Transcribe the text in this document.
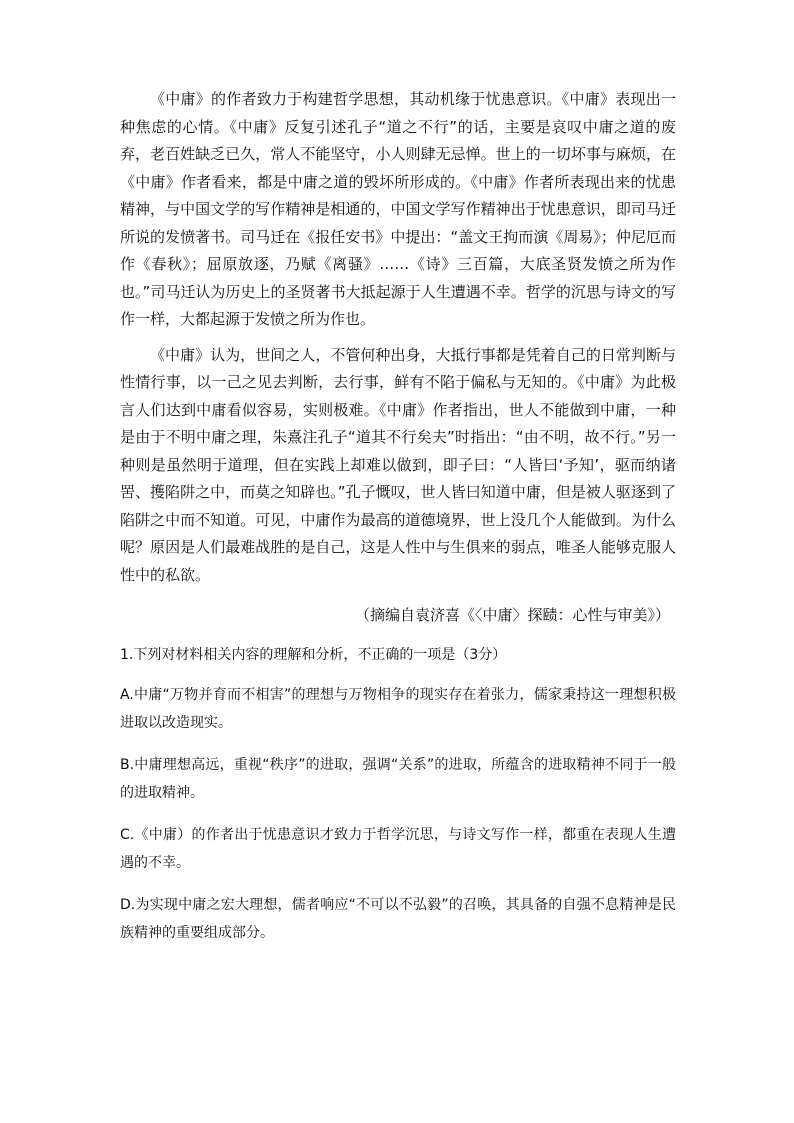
《中庸》的作者致力于构建哲学思想，其动机缘于忧患意识。《中庸》表现出一种焦虑的心情。《中庸》反复引述孔子“道之不行”的话，主要是哀叹中庸之道的废弃，老百姓缺乏已久，常人不能坚守，小人则肆无忌惮。世上的一切坏事与麻烦，在《中庸》作者看来，都是中庸之道的毁坏所形成的。《中庸》作者所表现出来的忧患精神，与中国文学的写作精神是相通的，中国文学写作精神出于忧患意识，即司马迁所说的发愤著书。司马迁在《报任安书》中提出：“盖文王拘而演《周易》；仲尼厄而作《春秋》；屈原放逐，乃赋《离骚》……《诗》三百篇，大底圣贤发愤之所为作也。”司马迁认为历史上的圣贤著书大抵起源于人生遭遇不幸。哲学的沉思与诗文的写作一样，大都起源于发愤之所为作也。

《中庸》认为，世间之人，不管何种出身，大抵行事都是凭着自己的日常判断与性情行事，以一己之见去判断，去行事，鲜有不陷于偏私与无知的。《中庸》为此极言人们达到中庸看似容易，实则极难。《中庸》作者指出，世人不能做到中庸，一种是由于不明中庸之理，朱熹注孔子“道其不行矣夫”时指出：“由不明，故不行。”另一种则是虽然明于道理，但在实践上却难以做到，即子曰：“人皆曰‘予知’，驱而纳诸罟、擭陷阱之中，而莫之知辟也。”孔子慨叹，世人皆曰知道中庸，但是被人驱逐到了陷阱之中而不知道。可见，中庸作为最高的道德境界，世上没几个人能做到。为什么呢？原因是人们最难战胜的是自己，这是人性中与生俱来的弱点，唯圣人能够克服人性中的私欲。

（摘编自袁济喜《〈中庸〉探赜：心性与审美》）

1.下列对材料相关内容的理解和分析，不正确的一项是（3分）

A.中庸“万物并育而不相害”的理想与万物相争的现实存在着张力，儒家秉持这一理想积极进取以改造现实。

B.中庸理想高远，重视“秩序”的进取，强调“关系”的进取，所蕴含的进取精神不同于一般的进取精神。

C.《中庸）的作者出于忧患意识才致力于哲学沉思，与诗文写作一样，都重在表现人生遭遇的不幸。

D.为实现中庸之宏大理想，儒者响应“不可以不弘毅”的召唤，其具备的自强不息精神是民族精神的重要组成部分。
